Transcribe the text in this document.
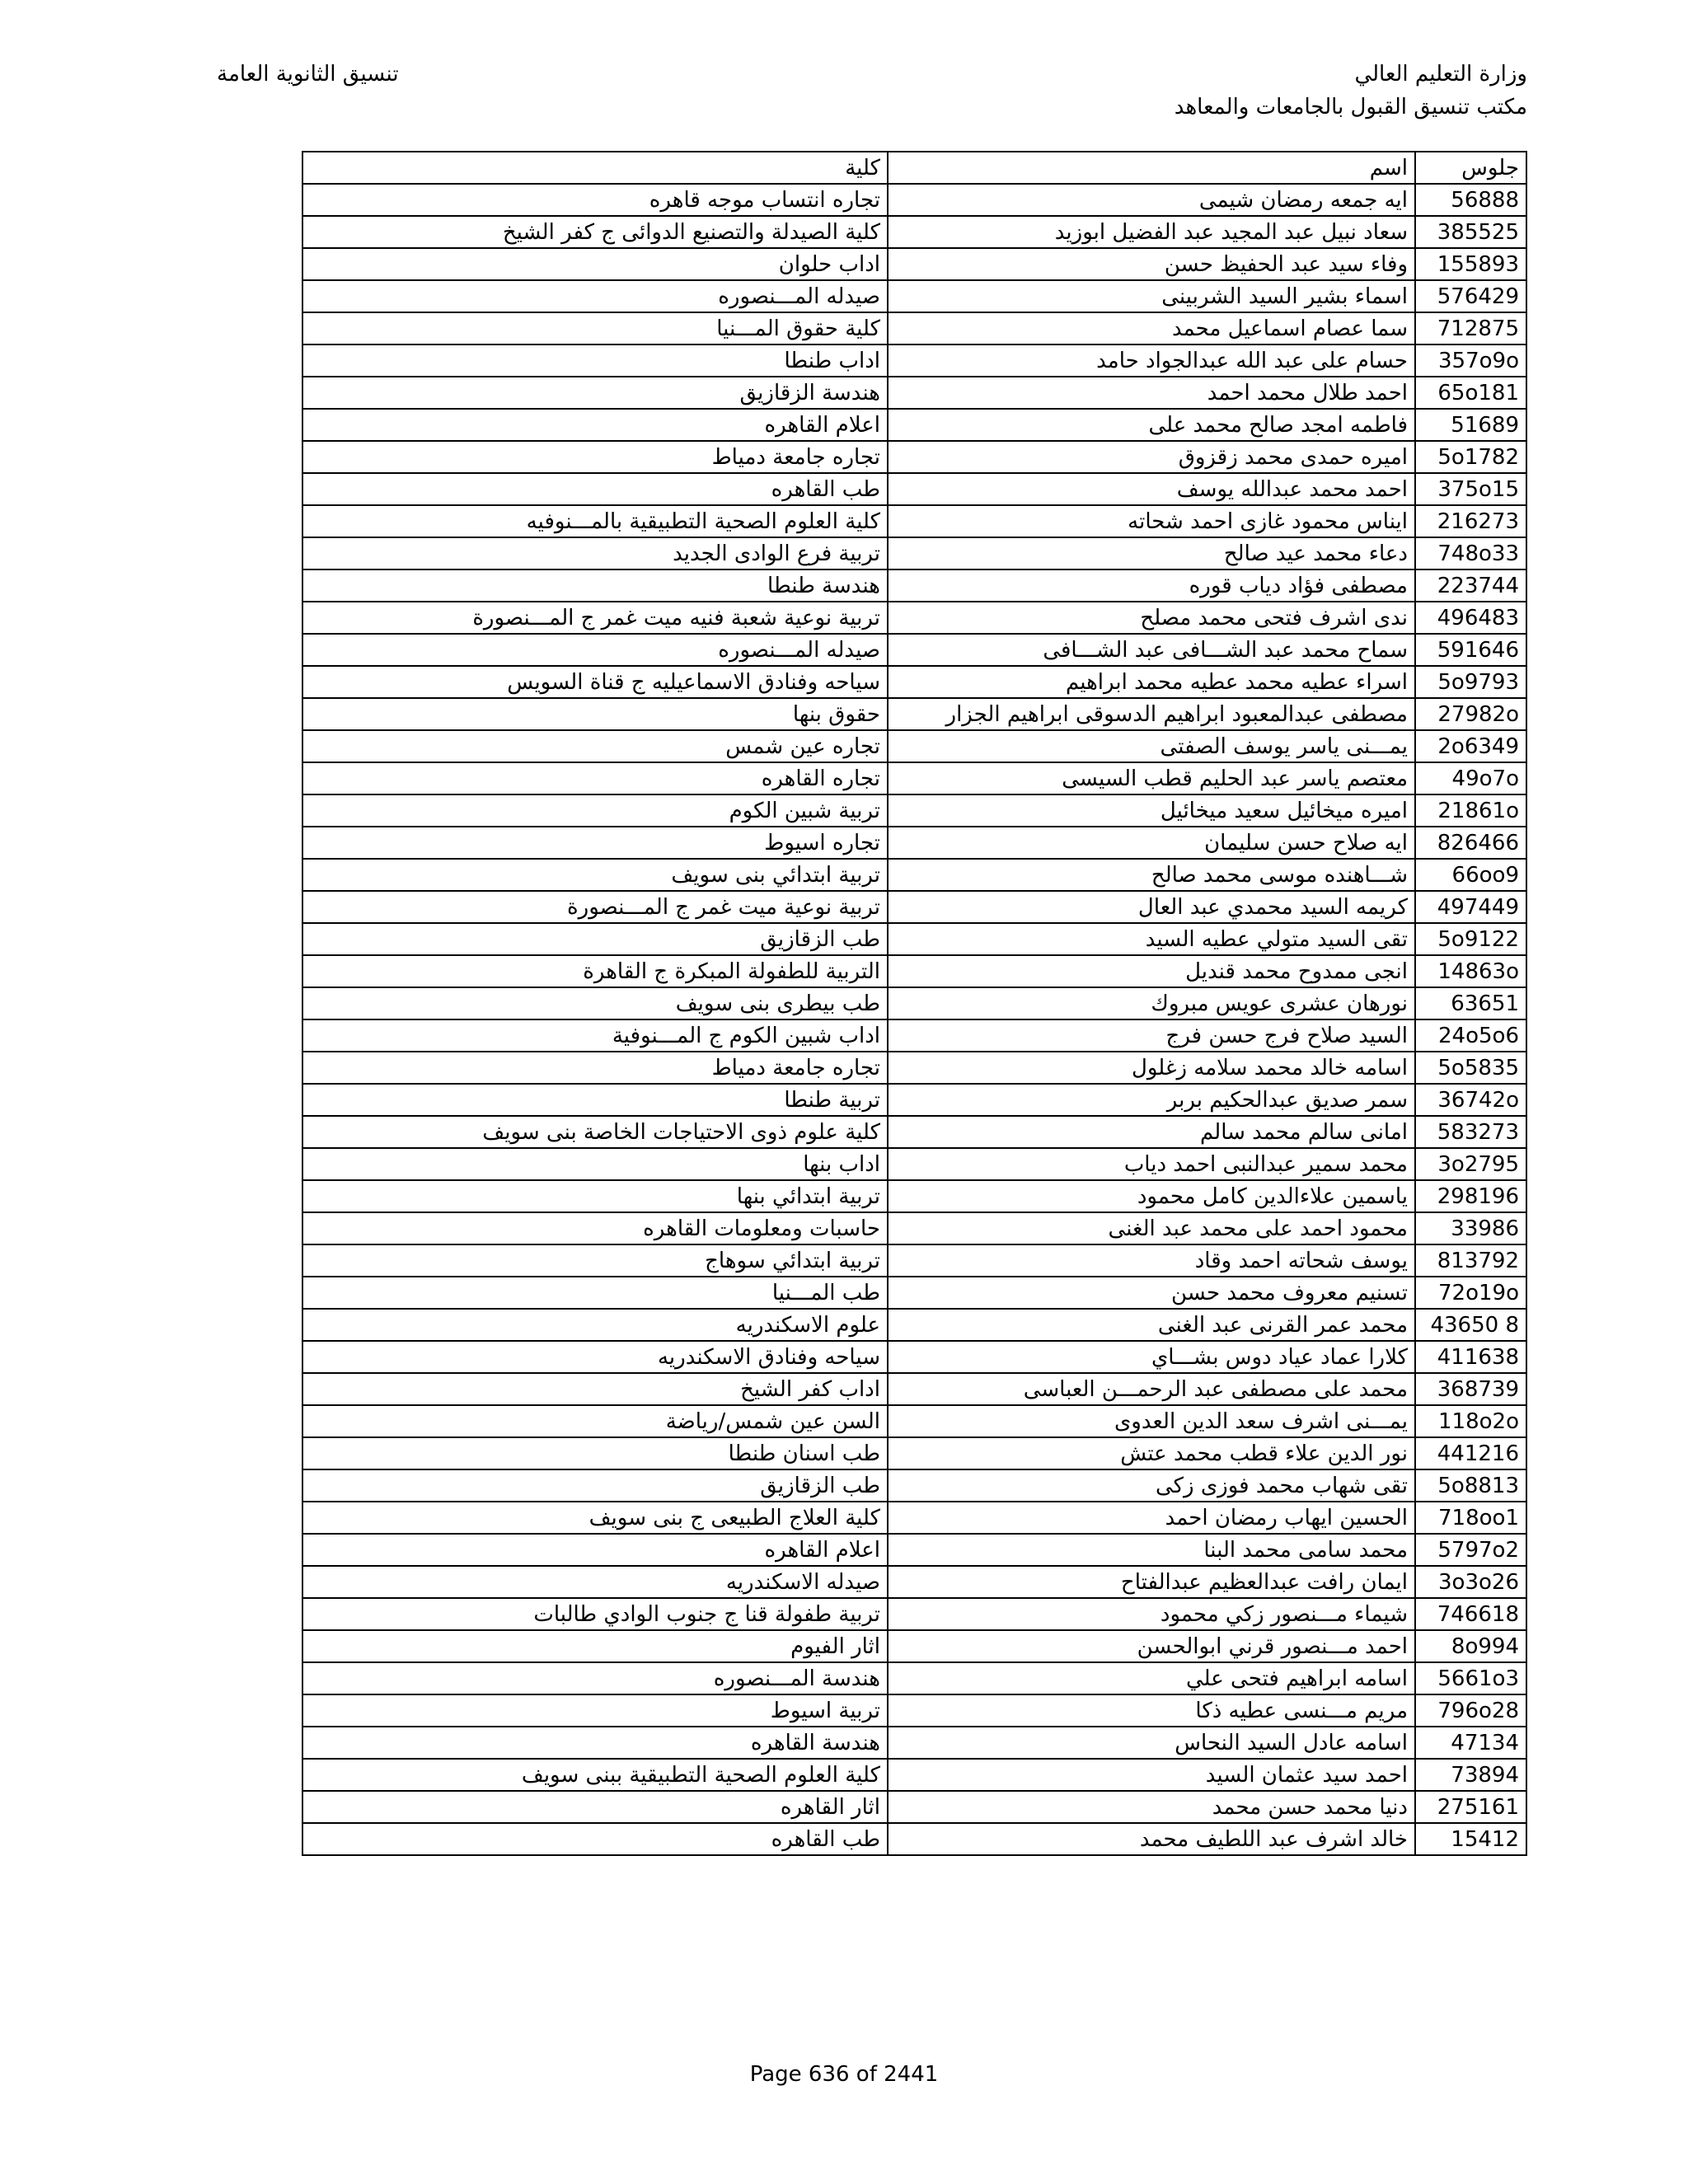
وزارة التعليم العالي
مكتب تنسيق القبول بالجامعات والمعاهد
تنسيق الثانوية العامة
جلوس	اسم	كلية
56888	ايه جمعه رمضان شيمى	تجاره انتساب موجه قاهره
385525	سعاد نبيل عبد المجيد عبد الفضيل ابوزيد	كلية الصيدلة والتصنيع الدوائى ج كفر الشيخ
155893	وفاء سيد عبد الحفيظ حسن	اداب حلوان
576429	اسماء بشير السيد الشربينى	صيدله المـــنصوره
712875	سما عصام اسماعيل محمد	كلية حقوق المـــنيا
357o9o	حسام على عبد الله عبدالجواد حامد	اداب طنطا
65o181	احمد طلال محمد احمد	هندسة الزقازيق
51689	فاطمه امجد صالح محمد على	اعلام القاهره
5o1782	اميره حمدى محمد زقزوق	تجاره جامعة دمياط
375o15	احمد محمد عبدالله يوسف	طب القاهره
216273	ايناس محمود غازى احمد شحاته	كلية العلوم الصحية التطبيقية بالمـــنوفيه
748o33	دعاء محمد عيد صالح	تربية فرع الوادى الجديد
223744	مصطفى فؤاد دياب قوره	هندسة طنطا
496483	ندى اشرف فتحى محمد مصلح	تربية نوعية شعبة فنيه ميت غمر ج المـــنصورة
591646	سماح محمد عبد الشـــافى عبد الشـــافى	صيدله المـــنصوره
5o9793	اسراء عطيه محمد عطيه محمد ابراهيم	سياحه وفنادق الاسماعيليه ج قناة السويس
27982o	مصطفى عبدالمعبود ابراهيم الدسوقى ابراهيم الجزار	حقوق بنها
2o6349	يمـــنى ياسر يوسف الصفتى	تجاره عين شمس
49o7o	معتصم ياسر عبد الحليم قطب السيسى	تجاره القاهره
21861o	اميره ميخائيل سعيد ميخائيل	تربية شبين الكوم
826466	ايه صلاح حسن سليمان	تجاره اسيوط
66oo9	شـــاهنده موسى محمد صالح	تربية ابتدائي بنى سويف
497449	كريمه السيد محمدي عبد العال	تربية نوعية ميت غمر ج المـــنصورة
5o9122	تقى السيد متولي عطيه السيد	طب الزقازيق
14863o	انجى ممدوح محمد قنديل	التربية للطفولة المبكرة ج القاهرة
63651	نورهان عشرى عويس مبروك	طب بيطرى بنى سويف
24o5o6	السيد صلاح فرج حسن فرج	اداب شبين الكوم ج المـــنوفية
5o5835	اسامه خالد محمد سلامه زغلول	تجاره جامعة دمياط
36742o	سمر صديق عبدالحكيم بربر	تربية طنطا
583273	امانى سالم محمد سالم	كلية علوم ذوى الاحتياجات الخاصة بنى سويف
3o2795	محمد سمير عبدالنبى احمد دياب	اداب بنها
298196	ياسمين علاءالدين كامل محمود	تربية ابتدائي بنها
33986	محمود احمد على محمد عبد الغنى	حاسبات ومعلومات القاهره
813792	يوسف شحاته احمد وقاد	تربية ابتدائي سوهاج
72o19o	تسنيم معروف محمد حسن	طب المـــنيا
43650 8	محمد عمر القرنى عبد الغنى	علوم الاسكندريه
411638	كلارا عماد عياد دوس بشـــاي	سياحه وفنادق الاسكندريه
368739	محمد على مصطفى عبد الرحمـــن العباسى	اداب كفر الشيخ
118o2o	يمـــنى اشرف سعد الدين العدوى	السن عين شمس/رياضة
441216	نور الدين علاء قطب محمد عتش	طب اسنان طنطا
5o8813	تقى شهاب محمد فوزى زكى	طب الزقازيق
718oo1	الحسين ايهاب رمضان احمد	كلية العلاج الطبيعى ج بنى سويف
5797o2	محمد سامى محمد البنا	اعلام القاهره
3o3o26	ايمان رافت عبدالعظيم عبدالفتاح	صيدله الاسكندريه
746618	شيماء مـــنصور زكي محمود	تربية طفولة قنا ج جنوب الوادي طالبات
8o994	احمد مـــنصور قرني ابوالحسن	اثار الفيوم
5661o3	اسامه ابراهيم فتحى علي	هندسة المـــنصوره
796o28	مريم مـــنسى عطيه ذكا	تربية اسيوط
47134	اسامه عادل السيد النحاس	هندسة القاهره
73894	احمد سيد عثمان السيد	كلية العلوم الصحية التطبيقية ببنى سويف
275161	دنيا محمد حسن محمد	اثار القاهره
15412	خالد اشرف عبد اللطيف محمد	طب القاهره
Page 636 of 2441
